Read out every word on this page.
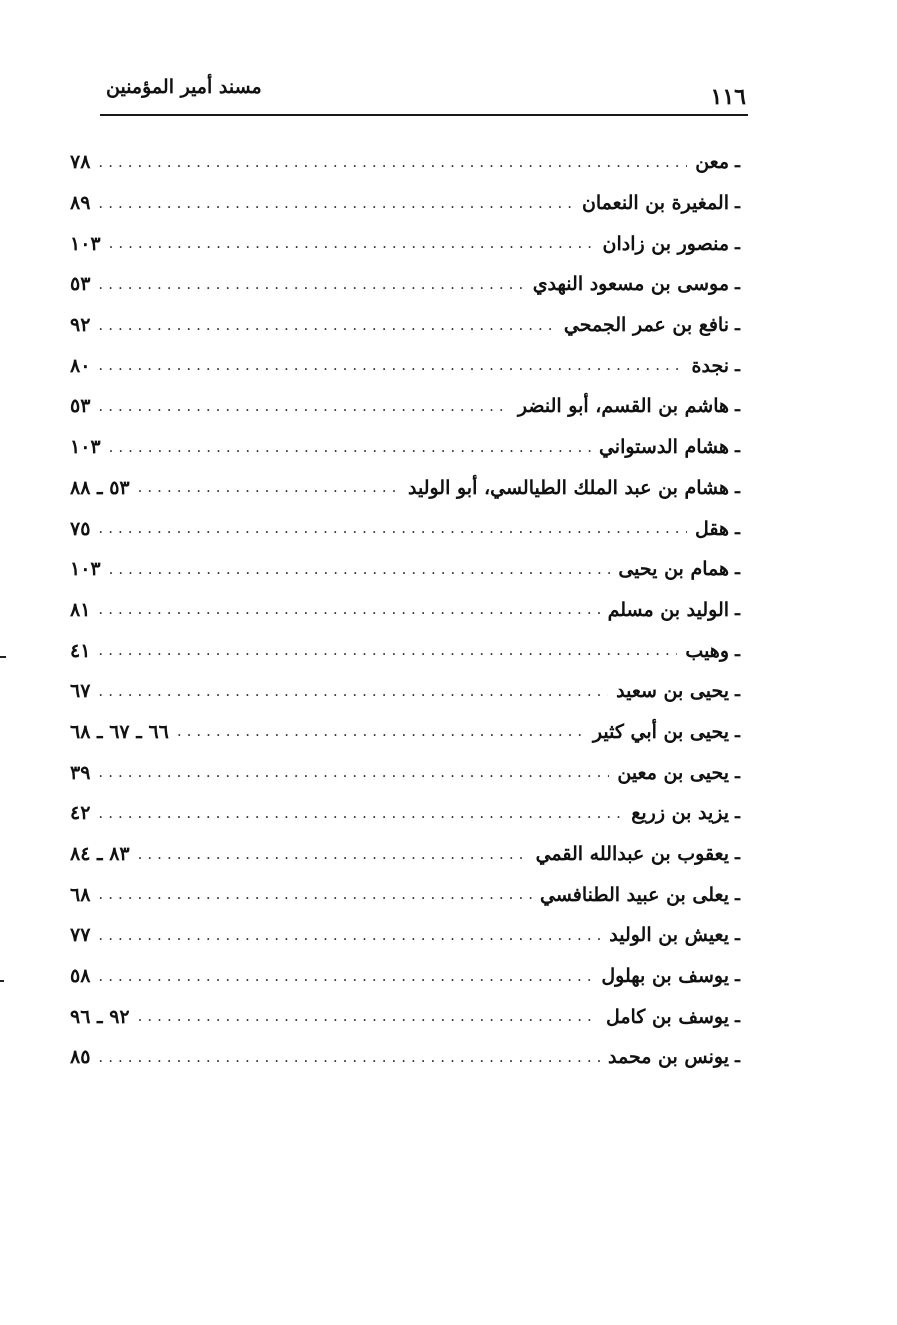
١١٦
مسند أمير المؤمنين
ـ
معن
.....
٧٨
ـ
المغيرة بن النعمان
.....
٨٩
ـ
منصور بن زادان
.....
١٠٣
ـ
موسى بن مسعود النهدي
.....
٥٣
ـ
نافع بن عمر الجمحي
.....
٩٢
ـ
نجدة
.....
٨٠
ـ
هاشم بن القسم، أبو النضر
.....
٥٣
ـ
هشام الدستواني
.....
١٠٣
ـ
هشام بن عبد الملك الطيالسي، أبو الوليد
.....
٥٣ ـ ٨٨
ـ
هقل
.....
٧٥
ـ
همام بن يحيى
.....
١٠٣
ـ
الوليد بن مسلم
.....
٨١
ـ
وهيب
.....
٤١
ـ
يحيى بن سعيد
.....
٦٧
ـ
يحيى بن أبي كثير
.....
٦٦ ـ ٦٧ ـ ٦٨
ـ
يحيى بن معين
.....
٣٩
ـ
يزيد بن زريع
.....
٤٢
ـ
يعقوب بن عبدالله القمي
.....
٨٣ ـ ٨٤
ـ
يعلى بن عبيد الطنافسي
.....
٦٨
ـ
يعيش بن الوليد
.....
٧٧
ـ
يوسف بن بهلول
.....
٥٨
ـ
يوسف بن كامل
.....
٩٢ ـ ٩٦
ـ
يونس بن محمد
.....
٨٥
